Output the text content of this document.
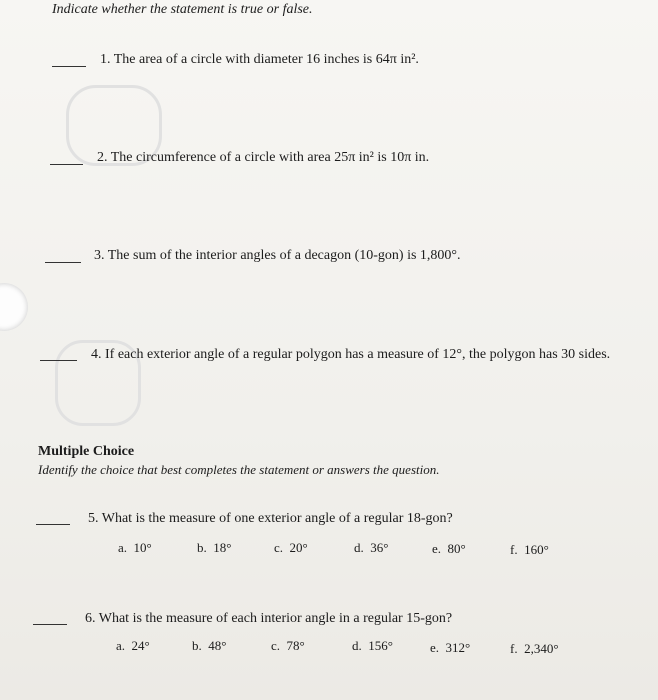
Indicate whether the statement is true or false.
1. The area of a circle with diameter 16 inches is 64π in².
2. The circumference of a circle with area 25π in² is 10π in.
3. The sum of the interior angles of a decagon (10-gon) is 1,800°.
4. If each exterior angle of a regular polygon has a measure of 12°, the polygon has 30 sides.
Multiple Choice
Identify the choice that best completes the statement or answers the question.
5. What is the measure of one exterior angle of a regular 18-gon?
a. 10°	b. 18°	c. 20°	d. 36°	e. 80°	f. 160°
6. What is the measure of each interior angle in a regular 15-gon?
a. 24°	b. 48°	c. 78°	d. 156°	e. 312°	f. 2,340°
